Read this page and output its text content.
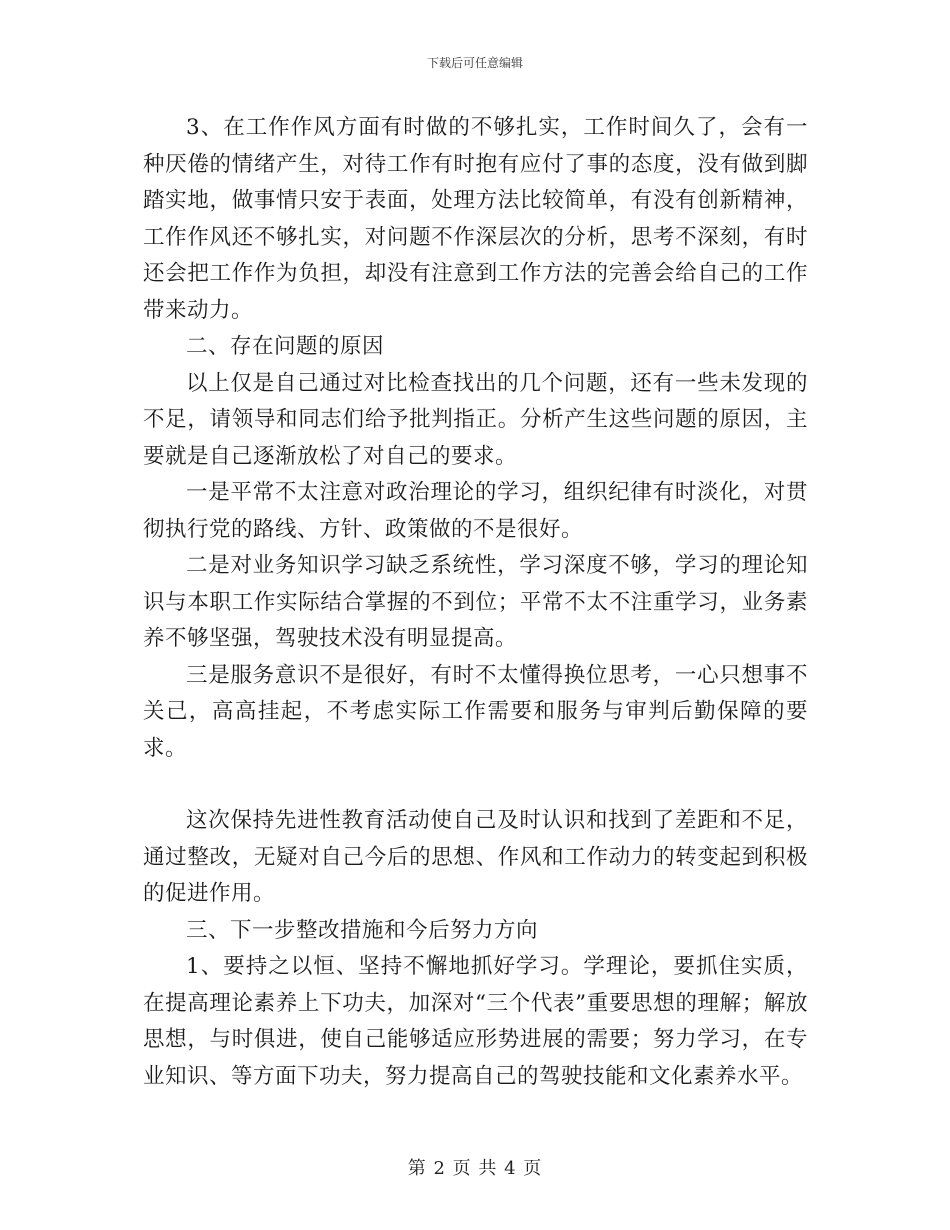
下载后可任意编辑

3、在工作作风方面有时做的不够扎实，工作时间久了，会有一种厌倦的情绪产生，对待工作有时抱有应付了事的态度，没有做到脚踏实地，做事情只安于表面，处理方法比较简单，有没有创新精神，工作作风还不够扎实，对问题不作深层次的分析，思考不深刻，有时还会把工作作为负担，却没有注意到工作方法的完善会给自己的工作带来动力。

二、存在问题的原因

以上仅是自己通过对比检查找出的几个问题，还有一些未发现的不足，请领导和同志们给予批判指正。分析产生这些问题的原因，主要就是自己逐渐放松了对自己的要求。

一是平常不太注意对政治理论的学习，组织纪律有时淡化，对贯彻执行党的路线、方针、政策做的不是很好。

二是对业务知识学习缺乏系统性，学习深度不够，学习的理论知识与本职工作实际结合掌握的不到位；平常不太不注重学习，业务素养不够坚强，驾驶技术没有明显提高。

三是服务意识不是很好，有时不太懂得换位思考，一心只想事不关己，高高挂起，不考虑实际工作需要和服务与审判后勤保障的要求。

这次保持先进性教育活动使自己及时认识和找到了差距和不足，通过整改，无疑对自己今后的思想、作风和工作动力的转变起到积极的促进作用。

三、下一步整改措施和今后努力方向

1、要持之以恒、坚持不懈地抓好学习。学理论，要抓住实质，在提高理论素养上下功夫，加深对“三个代表”重要思想的理解；解放思想，与时俱进，使自己能够适应形势进展的需要；努力学习，在专业知识、等方面下功夫，努力提高自己的驾驶技能和文化素养水平。

第 2 页 共 4 页
